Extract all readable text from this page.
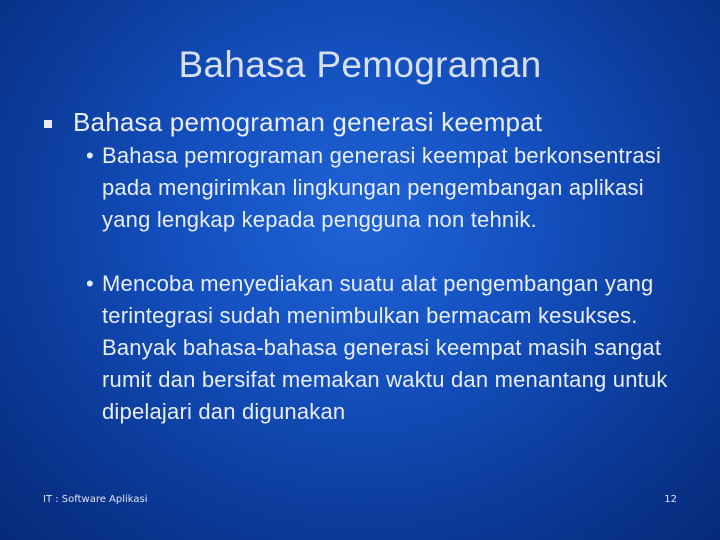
Bahasa Pemograman
Bahasa pemograman generasi keempat
• Bahasa pemrograman generasi keempat berkonsentrasi pada mengirimkan lingkungan pengembangan aplikasi yang lengkap kepada pengguna non tehnik.
• Mencoba menyediakan suatu alat pengembangan yang terintegrasi sudah menimbulkan bermacam kesukses. Banyak bahasa-bahasa generasi keempat masih sangat rumit dan bersifat memakan waktu dan menantang untuk dipelajari dan digunakan
IT : Software Aplikasi	12
